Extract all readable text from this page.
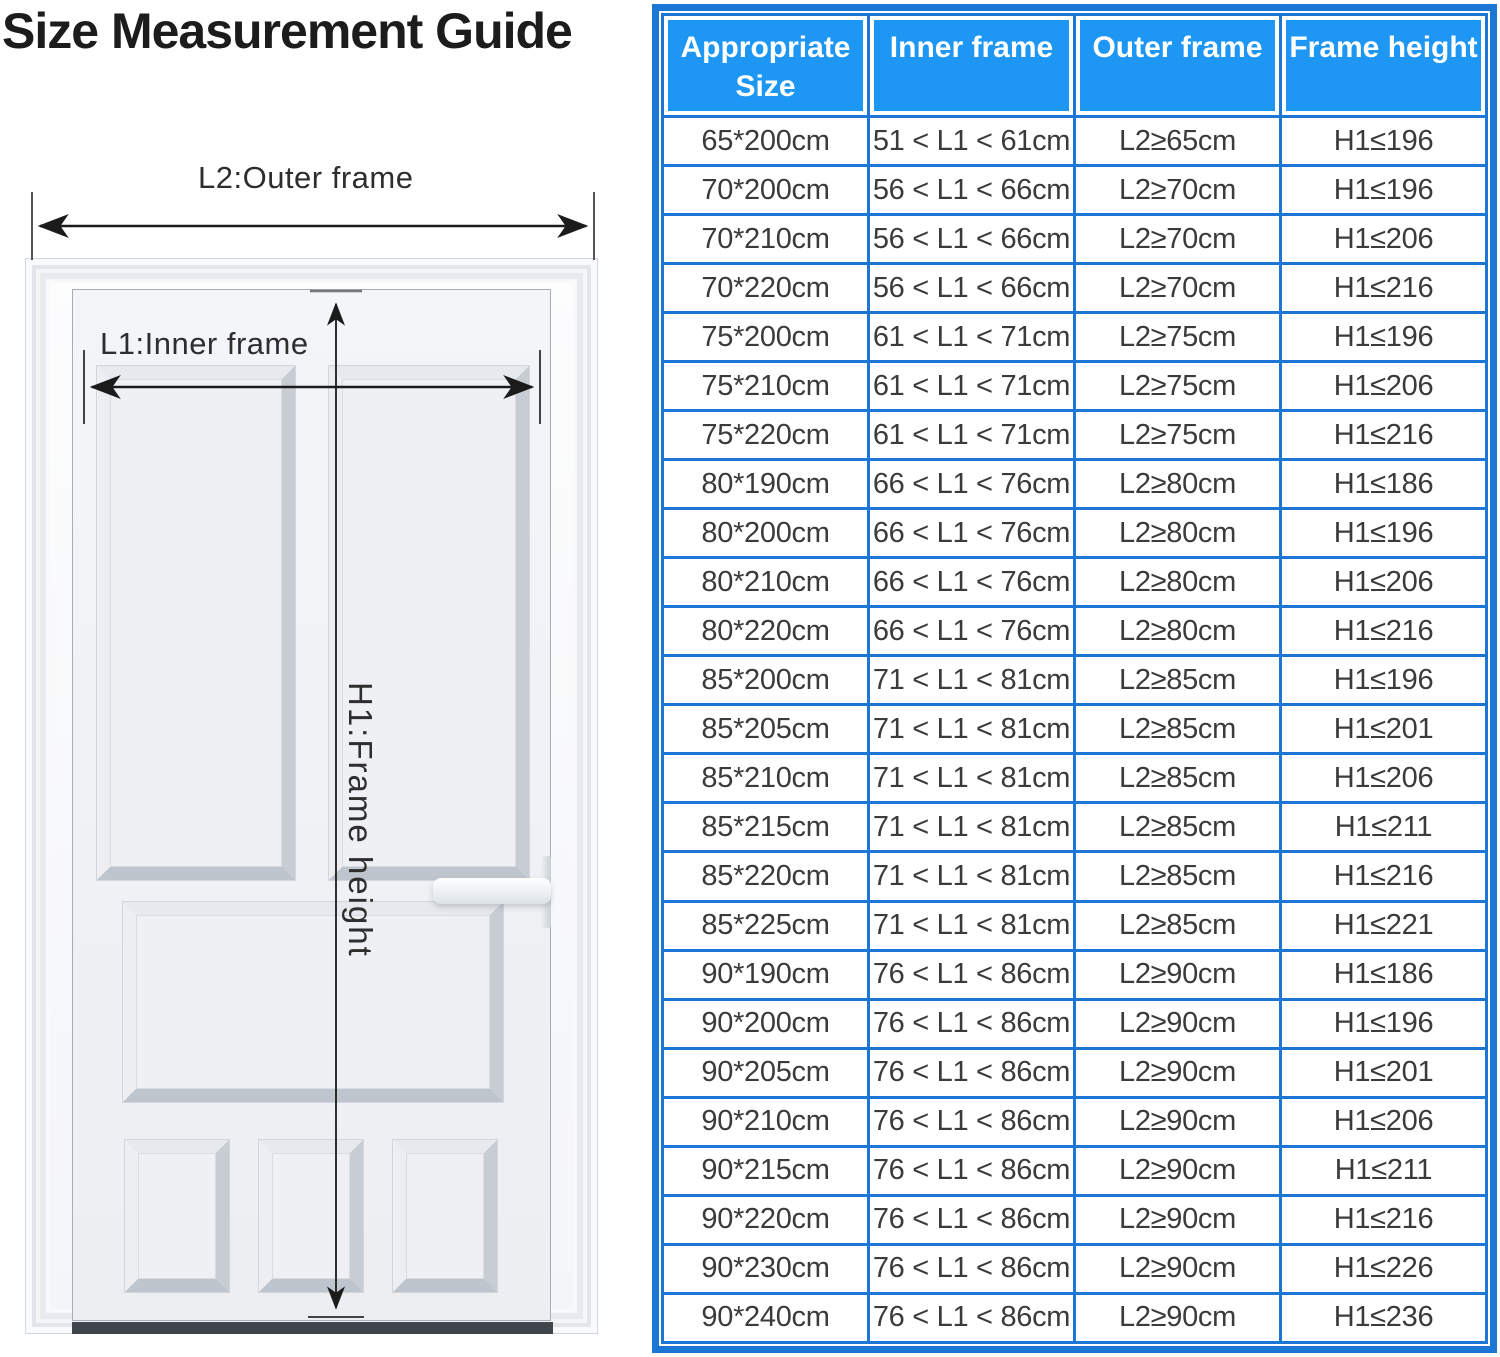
Size Measurement Guide
L2:Outer frame
L1:Inner frame
H1:Frame height
Appropriate Size	Inner frame	Outer frame	Frame height
65*200cm	51 < L1 < 61cm	L2≥65cm	H1≤196
70*200cm	56 < L1 < 66cm	L2≥70cm	H1≤196
70*210cm	56 < L1 < 66cm	L2≥70cm	H1≤206
70*220cm	56 < L1 < 66cm	L2≥70cm	H1≤216
75*200cm	61 < L1 < 71cm	L2≥75cm	H1≤196
75*210cm	61 < L1 < 71cm	L2≥75cm	H1≤206
75*220cm	61 < L1 < 71cm	L2≥75cm	H1≤216
80*190cm	66 < L1 < 76cm	L2≥80cm	H1≤186
80*200cm	66 < L1 < 76cm	L2≥80cm	H1≤196
80*210cm	66 < L1 < 76cm	L2≥80cm	H1≤206
80*220cm	66 < L1 < 76cm	L2≥80cm	H1≤216
85*200cm	71 < L1 < 81cm	L2≥85cm	H1≤196
85*205cm	71 < L1 < 81cm	L2≥85cm	H1≤201
85*210cm	71 < L1 < 81cm	L2≥85cm	H1≤206
85*215cm	71 < L1 < 81cm	L2≥85cm	H1≤211
85*220cm	71 < L1 < 81cm	L2≥85cm	H1≤216
85*225cm	71 < L1 < 81cm	L2≥85cm	H1≤221
90*190cm	76 < L1 < 86cm	L2≥90cm	H1≤186
90*200cm	76 < L1 < 86cm	L2≥90cm	H1≤196
90*205cm	76 < L1 < 86cm	L2≥90cm	H1≤201
90*210cm	76 < L1 < 86cm	L2≥90cm	H1≤206
90*215cm	76 < L1 < 86cm	L2≥90cm	H1≤211
90*220cm	76 < L1 < 86cm	L2≥90cm	H1≤216
90*230cm	76 < L1 < 86cm	L2≥90cm	H1≤226
90*240cm	76 < L1 < 86cm	L2≥90cm	H1≤236
